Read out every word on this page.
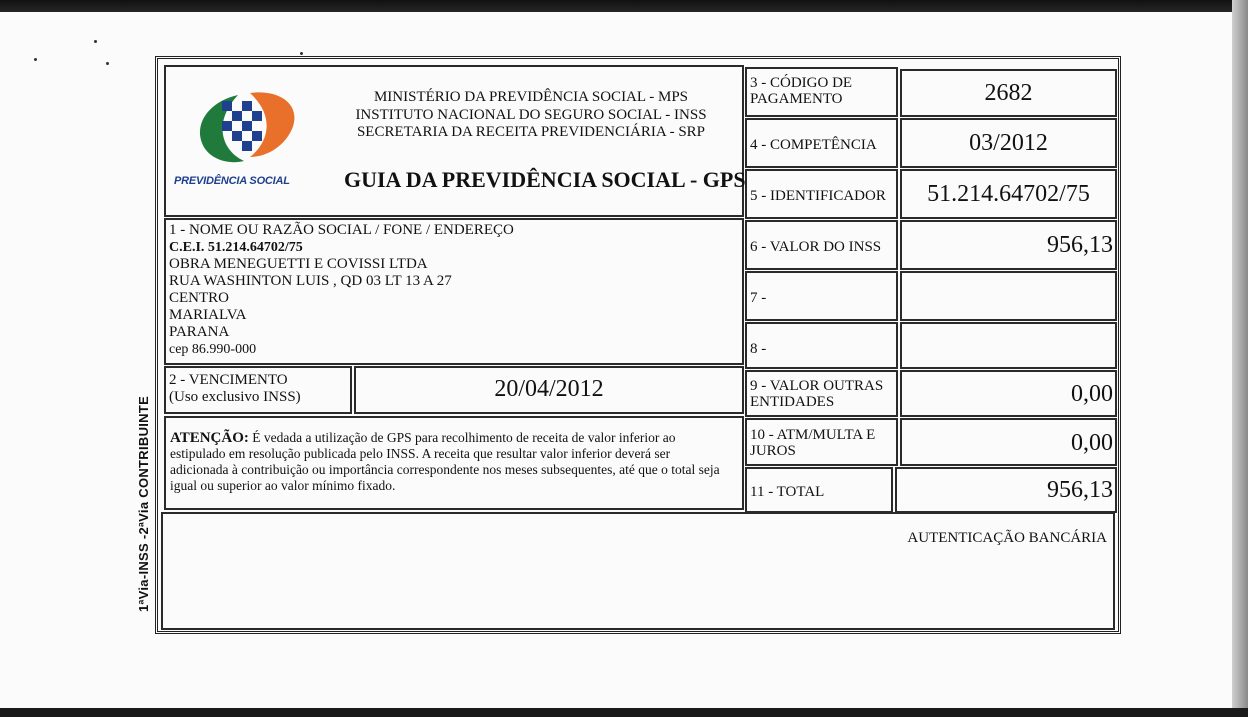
1ªVia-INSS -2ªVia CONTRIBUINTE
PREVIDÊNCIA SOCIAL
MINISTÉRIO DA PREVIDÊNCIA SOCIAL - MPS
INSTITUTO NACIONAL DO SEGURO SOCIAL - INSS
SECRETARIA DA RECEITA PREVIDENCIÁRIA - SRP
GUIA DA PREVIDÊNCIA SOCIAL - GPS
1 - NOME OU RAZÃO SOCIAL / FONE / ENDEREÇO
C.E.I. 51.214.64702/75
OBRA MENEGUETTI E COVISSI LTDA
RUA WASHINTON LUIS , QD 03 LT 13 A 27
CENTRO
MARIALVA
PARANA
cep 86.990-000
2 - VENCIMENTO
(Uso exclusivo INSS)	20/04/2012
ATENÇÃO: É vedada a utilização de GPS para recolhimento de receita de valor inferior ao estipulado em resolução publicada pelo INSS. A receita que resultar valor inferior deverá ser adicionada à contribuição ou importância correspondente nos meses subsequentes, até que o total seja igual ou superior ao valor mínimo fixado.
AUTENTICAÇÃO BANCÁRIA
3 - CÓDIGO DE PAGAMENTO
4 - COMPETÊNCIA
5 - IDENTIFICADOR
6 - VALOR DO INSS
7 -
8 -
9 - VALOR OUTRAS ENTIDADES
10 - ATM/MULTA E JUROS
11 - TOTAL
2682
03/2012
51.214.64702/75
956,13
0,00
0,00
956,13
